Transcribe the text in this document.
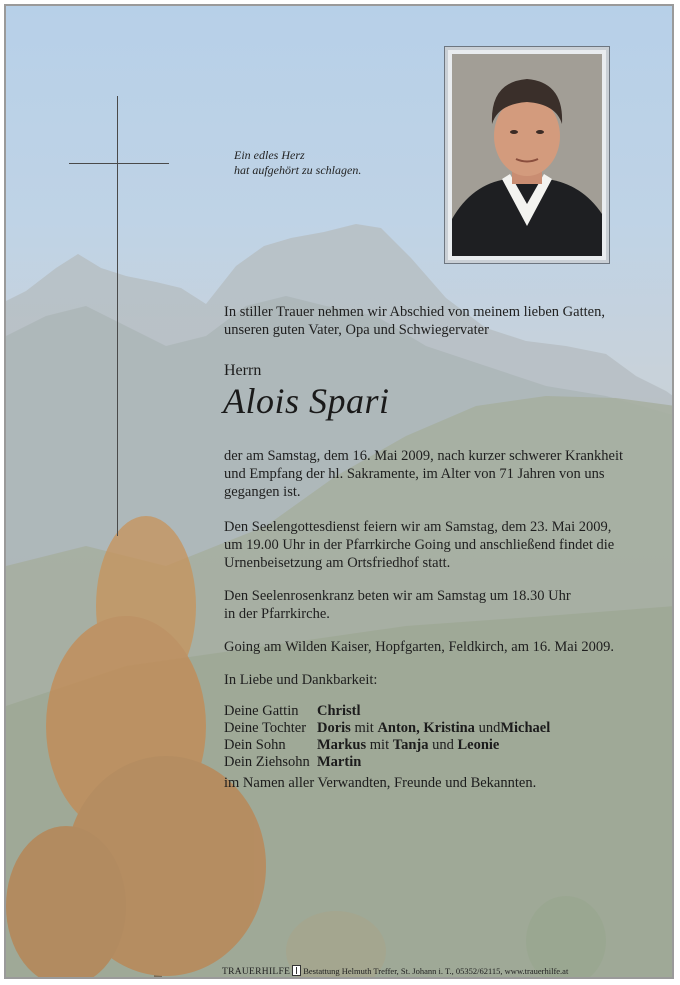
Ein edles Herz
hat aufgehört zu schlagen.
In stiller Trauer nehmen wir Abschied von meinem lieben Gatten,
unseren guten Vater, Opa und Schwiegervater
Herrn
Alois Spari
der am Samstag, dem 16. Mai 2009, nach kurzer schwerer Krankheit
und Empfang der hl. Sakramente, im Alter von 71 Jahren von uns
gegangen ist.
Den Seelengottesdienst feiern wir am Samstag, dem 23. Mai 2009,
um 19.00 Uhr in der Pfarrkirche Going und anschließend findet die
Urnenbeisetzung am Ortsfriedhof statt.
Den Seelenrosenkranz beten wir am Samstag um 18.30 Uhr
in der Pfarrkirche.
Going am Wilden Kaiser, Hopfgarten, Feldkirch, am 16. Mai 2009.
In Liebe und Dankbarkeit:
Deine Gattin Christl
Deine Tochter Doris mit Anton, Kristina undMichael
Dein Sohn Markus mit Tanja und Leonie
Dein Ziehsohn Martin
im Namen aller Verwandten, Freunde und Bekannten.
TRAUERHILFE Bestattung Helmuth Treffer, St. Johann i. T., 05352/62115, www.trauerhilfe.at
